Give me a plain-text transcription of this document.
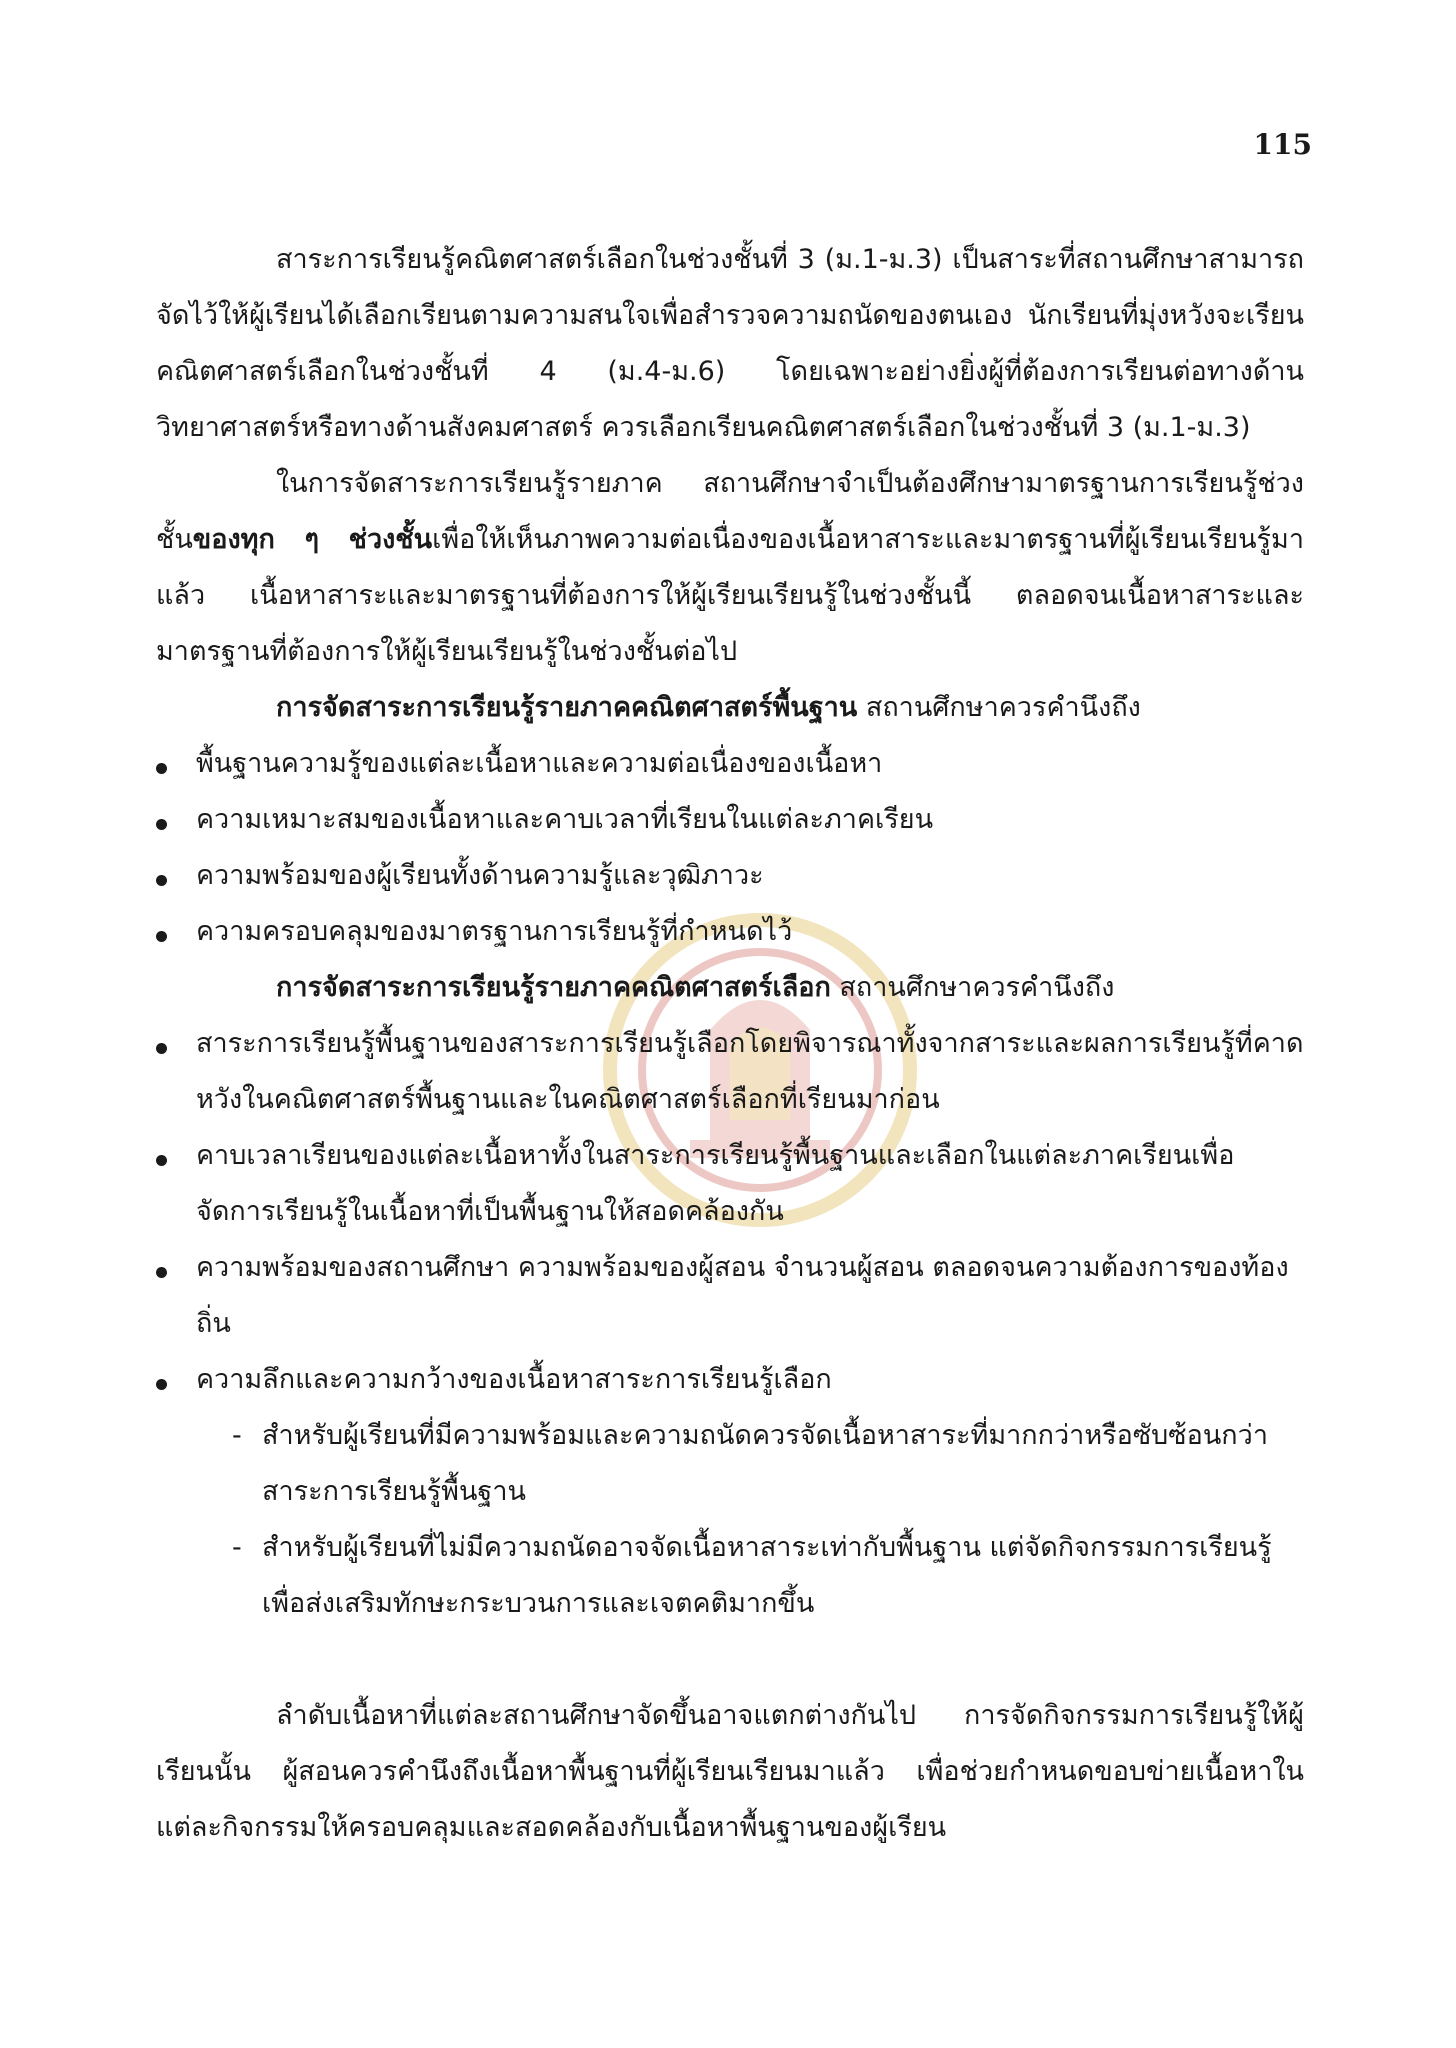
115

สาระการเรียนรู้คณิตศาสตร์เลือกในช่วงชั้นที่ 3 (ม.1-ม.3) เป็นสาระที่สถานศึกษาสามารถจัดไว้ให้ผู้เรียนได้เลือกเรียนตามความสนใจเพื่อสำรวจความถนัดของตนเอง นักเรียนที่มุ่งหวังจะเรียนคณิตศาสตร์เลือกในช่วงชั้นที่ 4 (ม.4-ม.6) โดยเฉพาะอย่างยิ่งผู้ที่ต้องการเรียนต่อทางด้านวิทยาศาสตร์หรือทางด้านสังคมศาสตร์ ควรเลือกเรียนคณิตศาสตร์เลือกในช่วงชั้นที่ 3 (ม.1-ม.3)

ในการจัดสาระการเรียนรู้รายภาค สถานศึกษาจำเป็นต้องศึกษามาตรฐานการเรียนรู้ช่วงชั้นของทุก ๆ ช่วงชั้นเพื่อให้เห็นภาพความต่อเนื่องของเนื้อหาสาระและมาตรฐานที่ผู้เรียนเรียนรู้มาแล้ว เนื้อหาสาระและมาตรฐานที่ต้องการให้ผู้เรียนเรียนรู้ในช่วงชั้นนี้ ตลอดจนเนื้อหาสาระและมาตรฐานที่ต้องการให้ผู้เรียนเรียนรู้ในช่วงชั้นต่อไป

การจัดสาระการเรียนรู้รายภาคคณิตศาสตร์พื้นฐาน สถานศึกษาควรคำนึงถึง

พื้นฐานความรู้ของแต่ละเนื้อหาและความต่อเนื่องของเนื้อหา
ความเหมาะสมของเนื้อหาและคาบเวลาที่เรียนในแต่ละภาคเรียน
ความพร้อมของผู้เรียนทั้งด้านความรู้และวุฒิภาวะ
ความครอบคลุมของมาตรฐานการเรียนรู้ที่กำหนดไว้

การจัดสาระการเรียนรู้รายภาคคณิตศาสตร์เลือก สถานศึกษาควรคำนึงถึง

สาระการเรียนรู้พื้นฐานของสาระการเรียนรู้เลือกโดยพิจารณาทั้งจากสาระและผลการเรียนรู้ที่คาดหวังในคณิตศาสตร์พื้นฐานและในคณิตศาสตร์เลือกที่เรียนมาก่อน
คาบเวลาเรียนของแต่ละเนื้อหาทั้งในสาระการเรียนรู้พื้นฐานและเลือกในแต่ละภาคเรียนเพื่อจัดการเรียนรู้ในเนื้อหาที่เป็นพื้นฐานให้สอดคล้องกัน
ความพร้อมของสถานศึกษา ความพร้อมของผู้สอน จำนวนผู้สอน ตลอดจนความต้องการของท้องถิ่น
ความลึกและความกว้างของเนื้อหาสาระการเรียนรู้เลือก
- สำหรับผู้เรียนที่มีความพร้อมและความถนัดควรจัดเนื้อหาสาระที่มากกว่าหรือซับซ้อนกว่าสาระการเรียนรู้พื้นฐาน
- สำหรับผู้เรียนที่ไม่มีความถนัดอาจจัดเนื้อหาสาระเท่ากับพื้นฐาน แต่จัดกิจกรรมการเรียนรู้เพื่อส่งเสริมทักษะกระบวนการและเจตคติมากขึ้น

ลำดับเนื้อหาที่แต่ละสถานศึกษาจัดขึ้นอาจแตกต่างกันไป การจัดกิจกรรมการเรียนรู้ให้ผู้เรียนนั้น ผู้สอนควรคำนึงถึงเนื้อหาพื้นฐานที่ผู้เรียนเรียนมาแล้ว เพื่อช่วยกำหนดขอบข่ายเนื้อหาในแต่ละกิจกรรมให้ครอบคลุมและสอดคล้องกับเนื้อหาพื้นฐานของผู้เรียน
